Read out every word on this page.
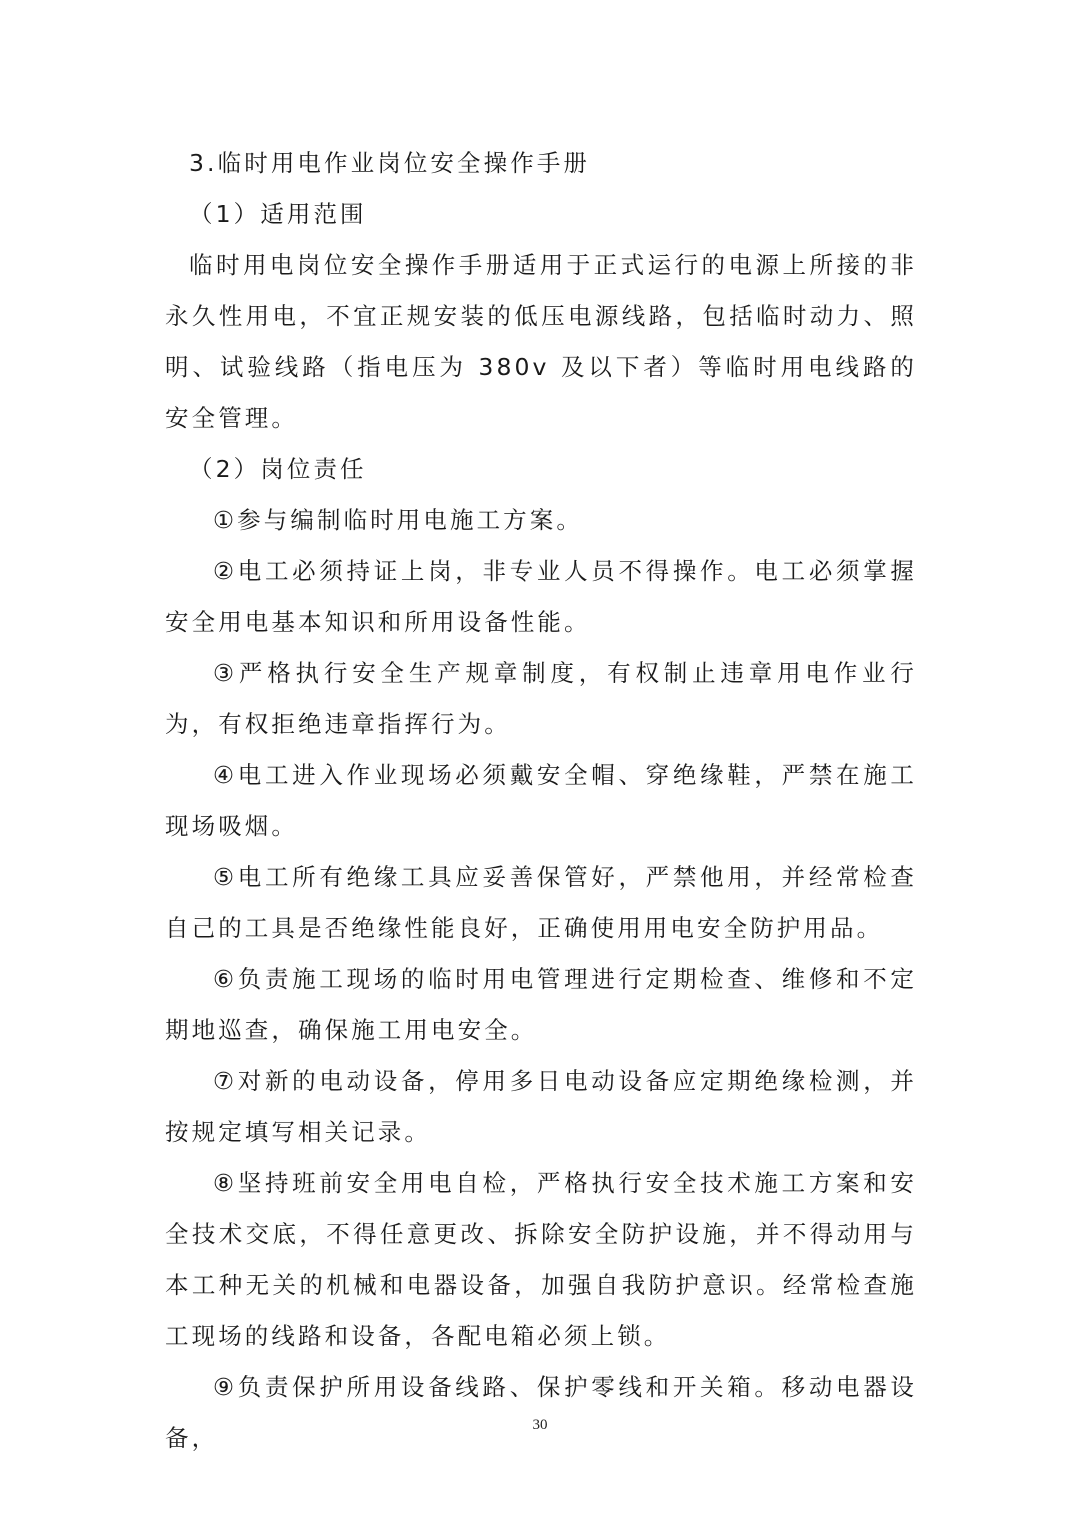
3.临时用电作业岗位安全操作手册

（1）适用范围

临时用电岗位安全操作手册适用于正式运行的电源上所接的非永久性用电，不宜正规安装的低压电源线路，包括临时动力、照明、试验线路（指电压为 380v 及以下者）等临时用电线路的安全管理。

（2）岗位责任

①参与编制临时用电施工方案。

②电工必须持证上岗，非专业人员不得操作。电工必须掌握安全用电基本知识和所用设备性能。

③严格执行安全生产规章制度，有权制止违章用电作业行为，有权拒绝违章指挥行为。

④电工进入作业现场必须戴安全帽、穿绝缘鞋，严禁在施工现场吸烟。

⑤电工所有绝缘工具应妥善保管好，严禁他用，并经常检查自己的工具是否绝缘性能良好，正确使用用电安全防护用品。

⑥负责施工现场的临时用电管理进行定期检查、维修和不定期地巡查，确保施工用电安全。

⑦对新的电动设备，停用多日电动设备应定期绝缘检测，并按规定填写相关记录。

⑧坚持班前安全用电自检，严格执行安全技术施工方案和安全技术交底，不得任意更改、拆除安全防护设施，并不得动用与本工种无关的机械和电器设备，加强自我防护意识。经常检查施工现场的线路和设备，各配电箱必须上锁。

⑨负责保护所用设备线路、保护零线和开关箱。移动电器设备，	30
